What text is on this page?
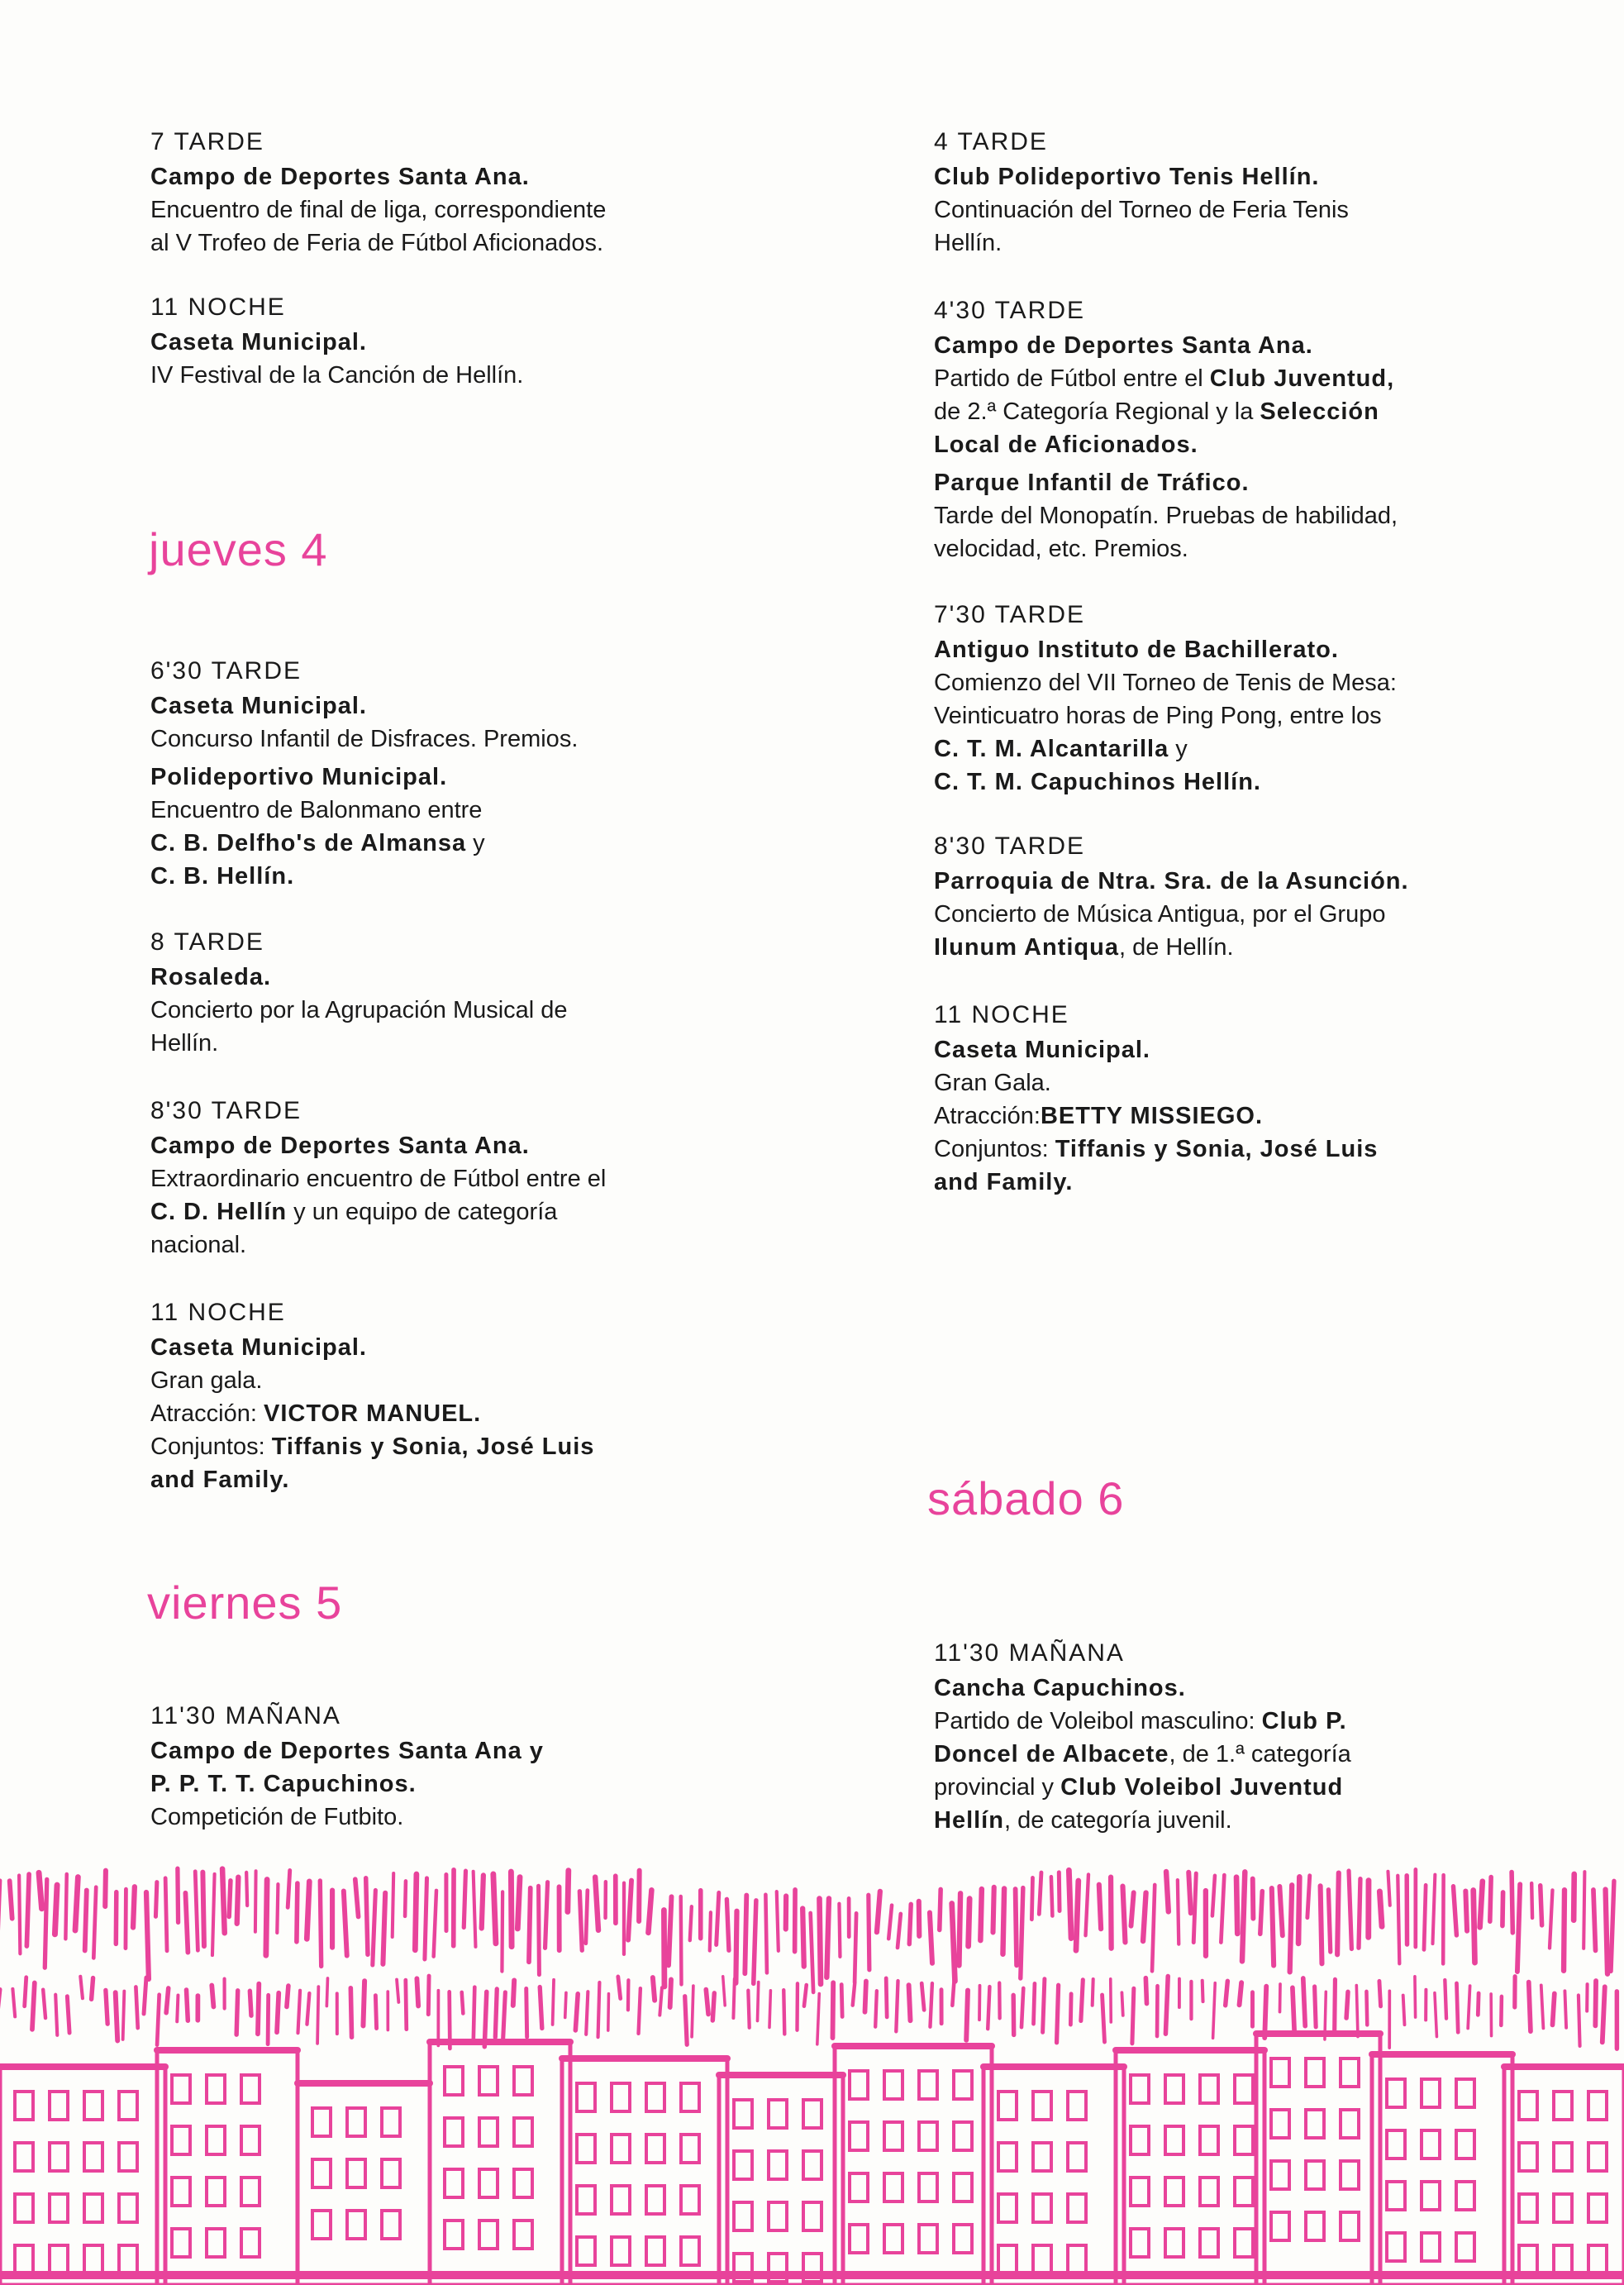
jueves 4
viernes 5
sábado 6
7 TARDE
Campo de Deportes Santa Ana.
Encuentro de final de liga, correspondiente
al V Trofeo de Feria de Fútbol Aficionados.
11 NOCHE
Caseta Municipal.
IV Festival de la Canción de Hellín.
6'30 TARDE
Caseta Municipal.
Concurso Infantil de Disfraces. Premios.
Polideportivo Municipal.
Encuentro de Balonmano entre
C. B. Delfho's de Almansa y
C. B. Hellín.
8 TARDE
Rosaleda.
Concierto por la Agrupación Musical de
Hellín.
8'30 TARDE
Campo de Deportes Santa Ana.
Extraordinario encuentro de Fútbol entre el
C. D. Hellín y un equipo de categoría
nacional.
11 NOCHE
Caseta Municipal.
Gran gala.
Atracción: VICTOR MANUEL.
Conjuntos: Tiffanis y Sonia, José Luis
and Family.
11'30 MAÑANA
Campo de Deportes Santa Ana y
P. P. T. T. Capuchinos.
Competición de Futbito.
4 TARDE
Club Polideportivo Tenis Hellín.
Continuación del Torneo de Feria Tenis
Hellín.
4'30 TARDE
Campo de Deportes Santa Ana.
Partido de Fútbol entre el Club Juventud,
de 2.ª Categoría Regional y la Selección
Local de Aficionados.
Parque Infantil de Tráfico.
Tarde del Monopatín. Pruebas de habilidad,
velocidad, etc. Premios.
7'30 TARDE
Antiguo Instituto de Bachillerato.
Comienzo del VII Torneo de Tenis de Mesa:
Veinticuatro horas de Ping Pong, entre los
C. T. M. Alcantarilla y
C. T. M. Capuchinos Hellín.
8'30 TARDE
Parroquia de Ntra. Sra. de la Asunción.
Concierto de Música Antigua, por el Grupo
Ilunum Antiqua, de Hellín.
11 NOCHE
Caseta Municipal.
Gran Gala.
Atracción:BETTY MISSIEGO.
Conjuntos: Tiffanis y Sonia, José Luis
and Family.
11'30 MAÑANA
Cancha Capuchinos.
Partido de Voleibol masculino: Club P.
Doncel de Albacete, de 1.ª categoría
provincial y Club Voleibol Juventud
Hellín, de categoría juvenil.
